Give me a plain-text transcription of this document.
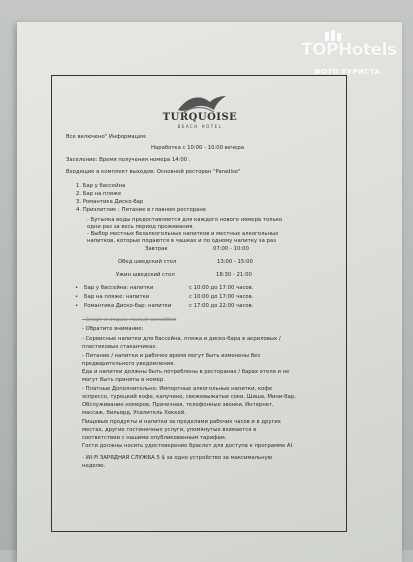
TURQUOISE
BEACH HOTEL
Все включено" Информация:
Наработка с 10:00 - 10:00 вечера
Заселение: Время получения номера 14:00 .
Входящие в комплект выходов: Основной ресторан "Paradise"
1. Бар у бассейна
2. Бар на пляже
3. Романтика Диско-бар
4. Приэлитлик : Питание в главном ресторане
- Бутылка воды предоставляется для каждого нового номера только
одни раз за весь период проживания.
- Выбор местных безалкогольных напитков и местных алкогольных
напитков, которые подаются в чашках и по одному напитку за раз
Завтрак	07:00 - 10:00
Обед шведский стол	13:00 - 15:00
Ужин шведский стол	18:30 - 21:00
• Бар у бассейна: напитки	с 10:00 до 17:00 часов.
• Бар на пляже: напитки	с 10:00 до 17:00 часов.
• Романтика Диско-бар: напитки	с 17:00 до 22:00 часов.
- Спорт и отдых: малый волейбол
- Обратите внимание:
- Сервисные напитки для бассейна, пляжа и диско-бара в акриловых /
пластиковых стаканчиках.
- Питание / напитки и рабочее время могут быть изменены без
предварительного уведомления.
Еда и напитки должны быть потреблены в ресторанах / барах отеля и не
могут быть приняты в номер.
- Платные Дополнительно: Импортные алкогольные напитки, кофе
эспрессо, турецкий кофе, капучино, свежевыжатые соки, Шиша, Мини-бар,
Обслуживание номеров, Прачечная, телефонные звонки, Интернет,
массаж, бильярд, Усилитель Хоккей.
Пищевые продукты и напитки за пределами рабочих часов и в других
местах, другие гостиничные услуги, упомянутые взимается в
соответствии с нашими опубликованным тарифам.
Гости должны носить удостоверение браслет для доступа к программе AI.
- Wi-Fi ЗАРЯДНАЯ СЛУЖБА 5 $ за одно устройство за максимальную
неделю.
TOPHotels
ФОТО ТУРИСТА
